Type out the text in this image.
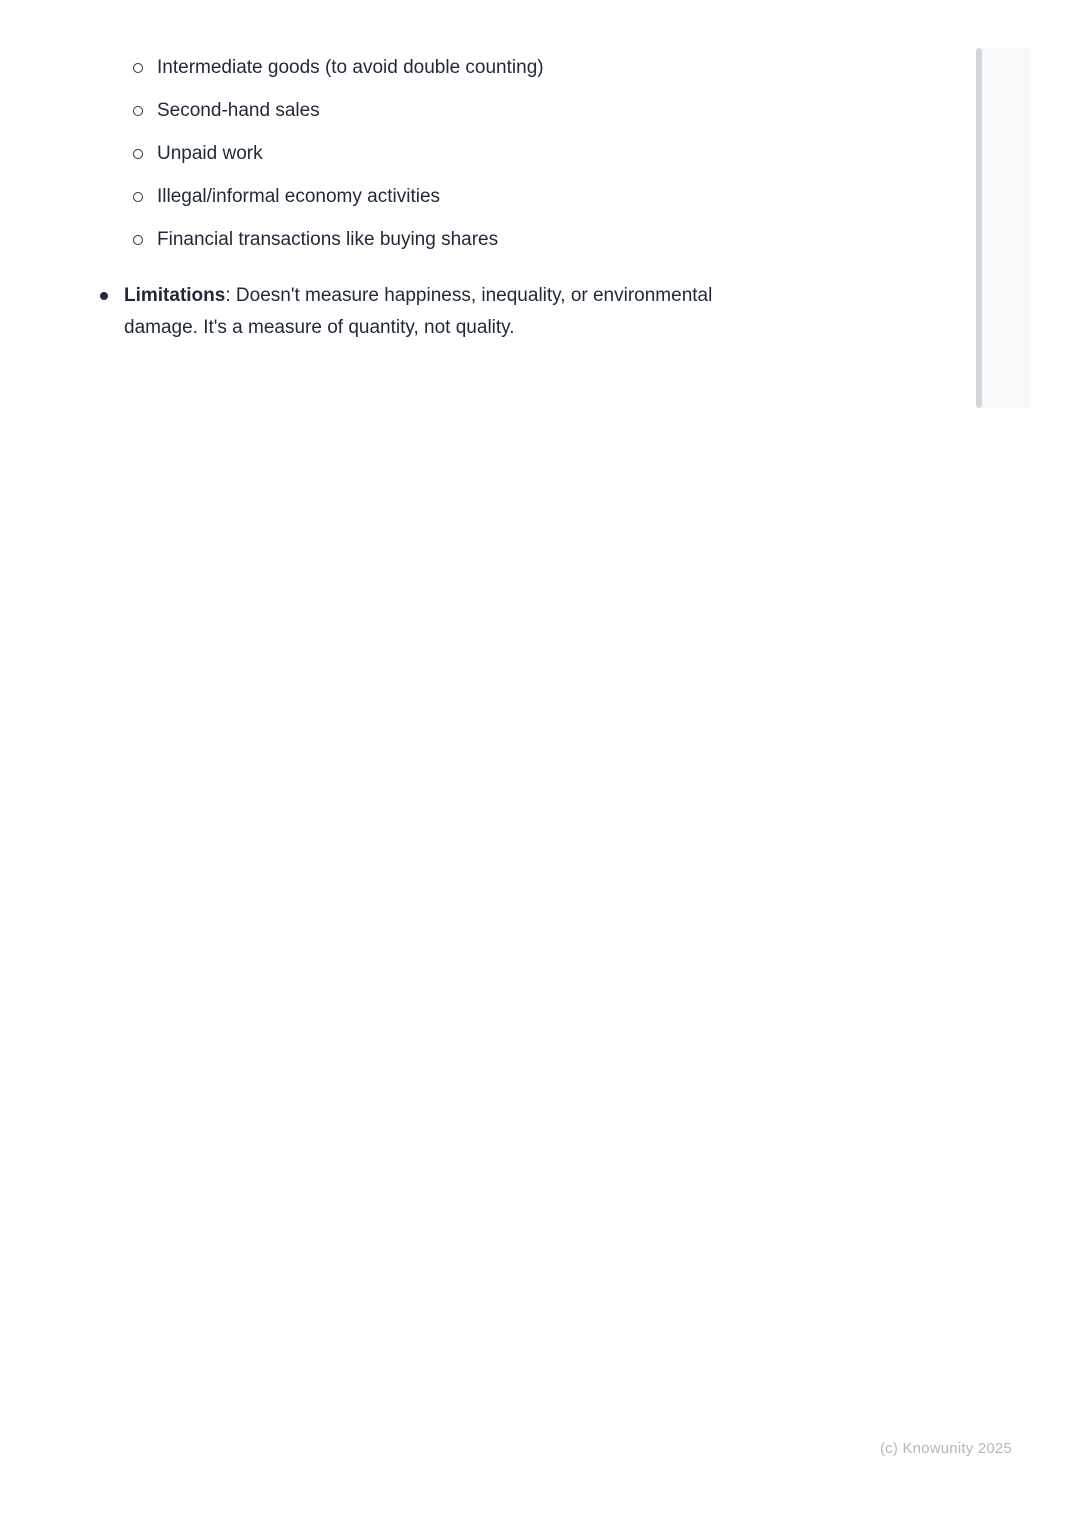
Intermediate goods (to avoid double counting)
Second-hand sales
Unpaid work
Illegal/informal economy activities
Financial transactions like buying shares
Limitations: Doesn't measure happiness, inequality, or environmental damage. It's a measure of quantity, not quality.
(c) Knowunity 2025
